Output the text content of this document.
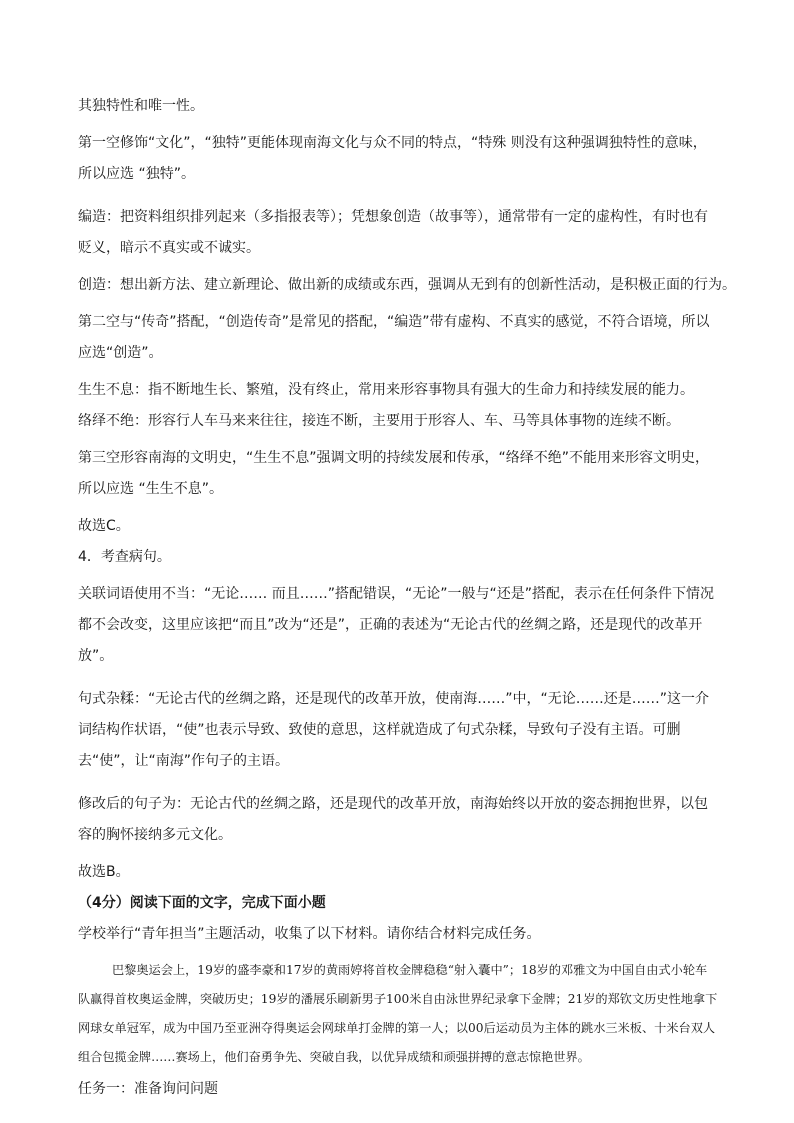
其独特性和唯一性。

第一空修饰“文化”，“独特”更能体现南海文化与众不同的特点，“特殊 则没有这种强调独特性的意味，所以应选 “独特”。

编造：把资料组织排列起来（多指报表等）；凭想象创造（故事等），通常带有一定的虚构性，有时也有贬义，暗示不真实或不诚实。

创造：想出新方法、建立新理论、做出新的成绩或东西，强调从无到有的创新性活动，是积极正面的行为。

第二空与“传奇”搭配，“创造传奇”是常见的搭配，“编造”带有虚构、不真实的感觉，不符合语境，所以应选“创造”。

生生不息：指不断地生长、繁殖，没有终止，常用来形容事物具有强大的生命力和持续发展的能力。

络绎不绝：形容行人车马来来往往，接连不断，主要用于形容人、车、马等具体事物的连续不断。

第三空形容南海的文明史，“生生不息”强调文明的持续发展和传承，“络绎不绝”不能用来形容文明史，所以应选 “生生不息”。

故选C。

4．考查病句。

关联词语使用不当：“无论…… 而且……”搭配错误，“无论”一般与“还是”搭配，表示在任何条件下情况都不会改变，这里应该把“而且”改为“还是”，正确的表述为“无论古代的丝绸之路，还是现代的改革开放”。

句式杂糅：“无论古代的丝绸之路，还是现代的改革开放，使南海……”中，“无论……还是……”这一介词结构作状语，“使”也表示导致、致使的意思，这样就造成了句式杂糅，导致句子没有主语。可删去“使”，让“南海”作句子的主语。

修改后的句子为：无论古代的丝绸之路，还是现代的改革开放，南海始终以开放的姿态拥抱世界，以包容的胸怀接纳多元文化。

故选B。

（4分）阅读下面的文字，完成下面小题

学校举行“青年担当”主题活动，收集了以下材料。请你结合材料完成任务。

巴黎奥运会上，19岁的盛李豪和17岁的黄雨婷将首枚金牌稳稳“射入囊中”；18岁的邓雅文为中国自由式小轮车队赢得首枚奥运金牌，突破历史；19岁的潘展乐刷新男子100米自由泳世界纪录拿下金牌；21岁的郑钦文历史性地拿下网球女单冠军，成为中国乃至亚洲夺得奥运会网球单打金牌的第一人；以00后运动员为主体的跳水三米板、十米台双人组合包揽金牌……赛场上，他们奋勇争先、突破自我，以优异成绩和顽强拼搏的意志惊艳世界。

任务一：准备询问问题
